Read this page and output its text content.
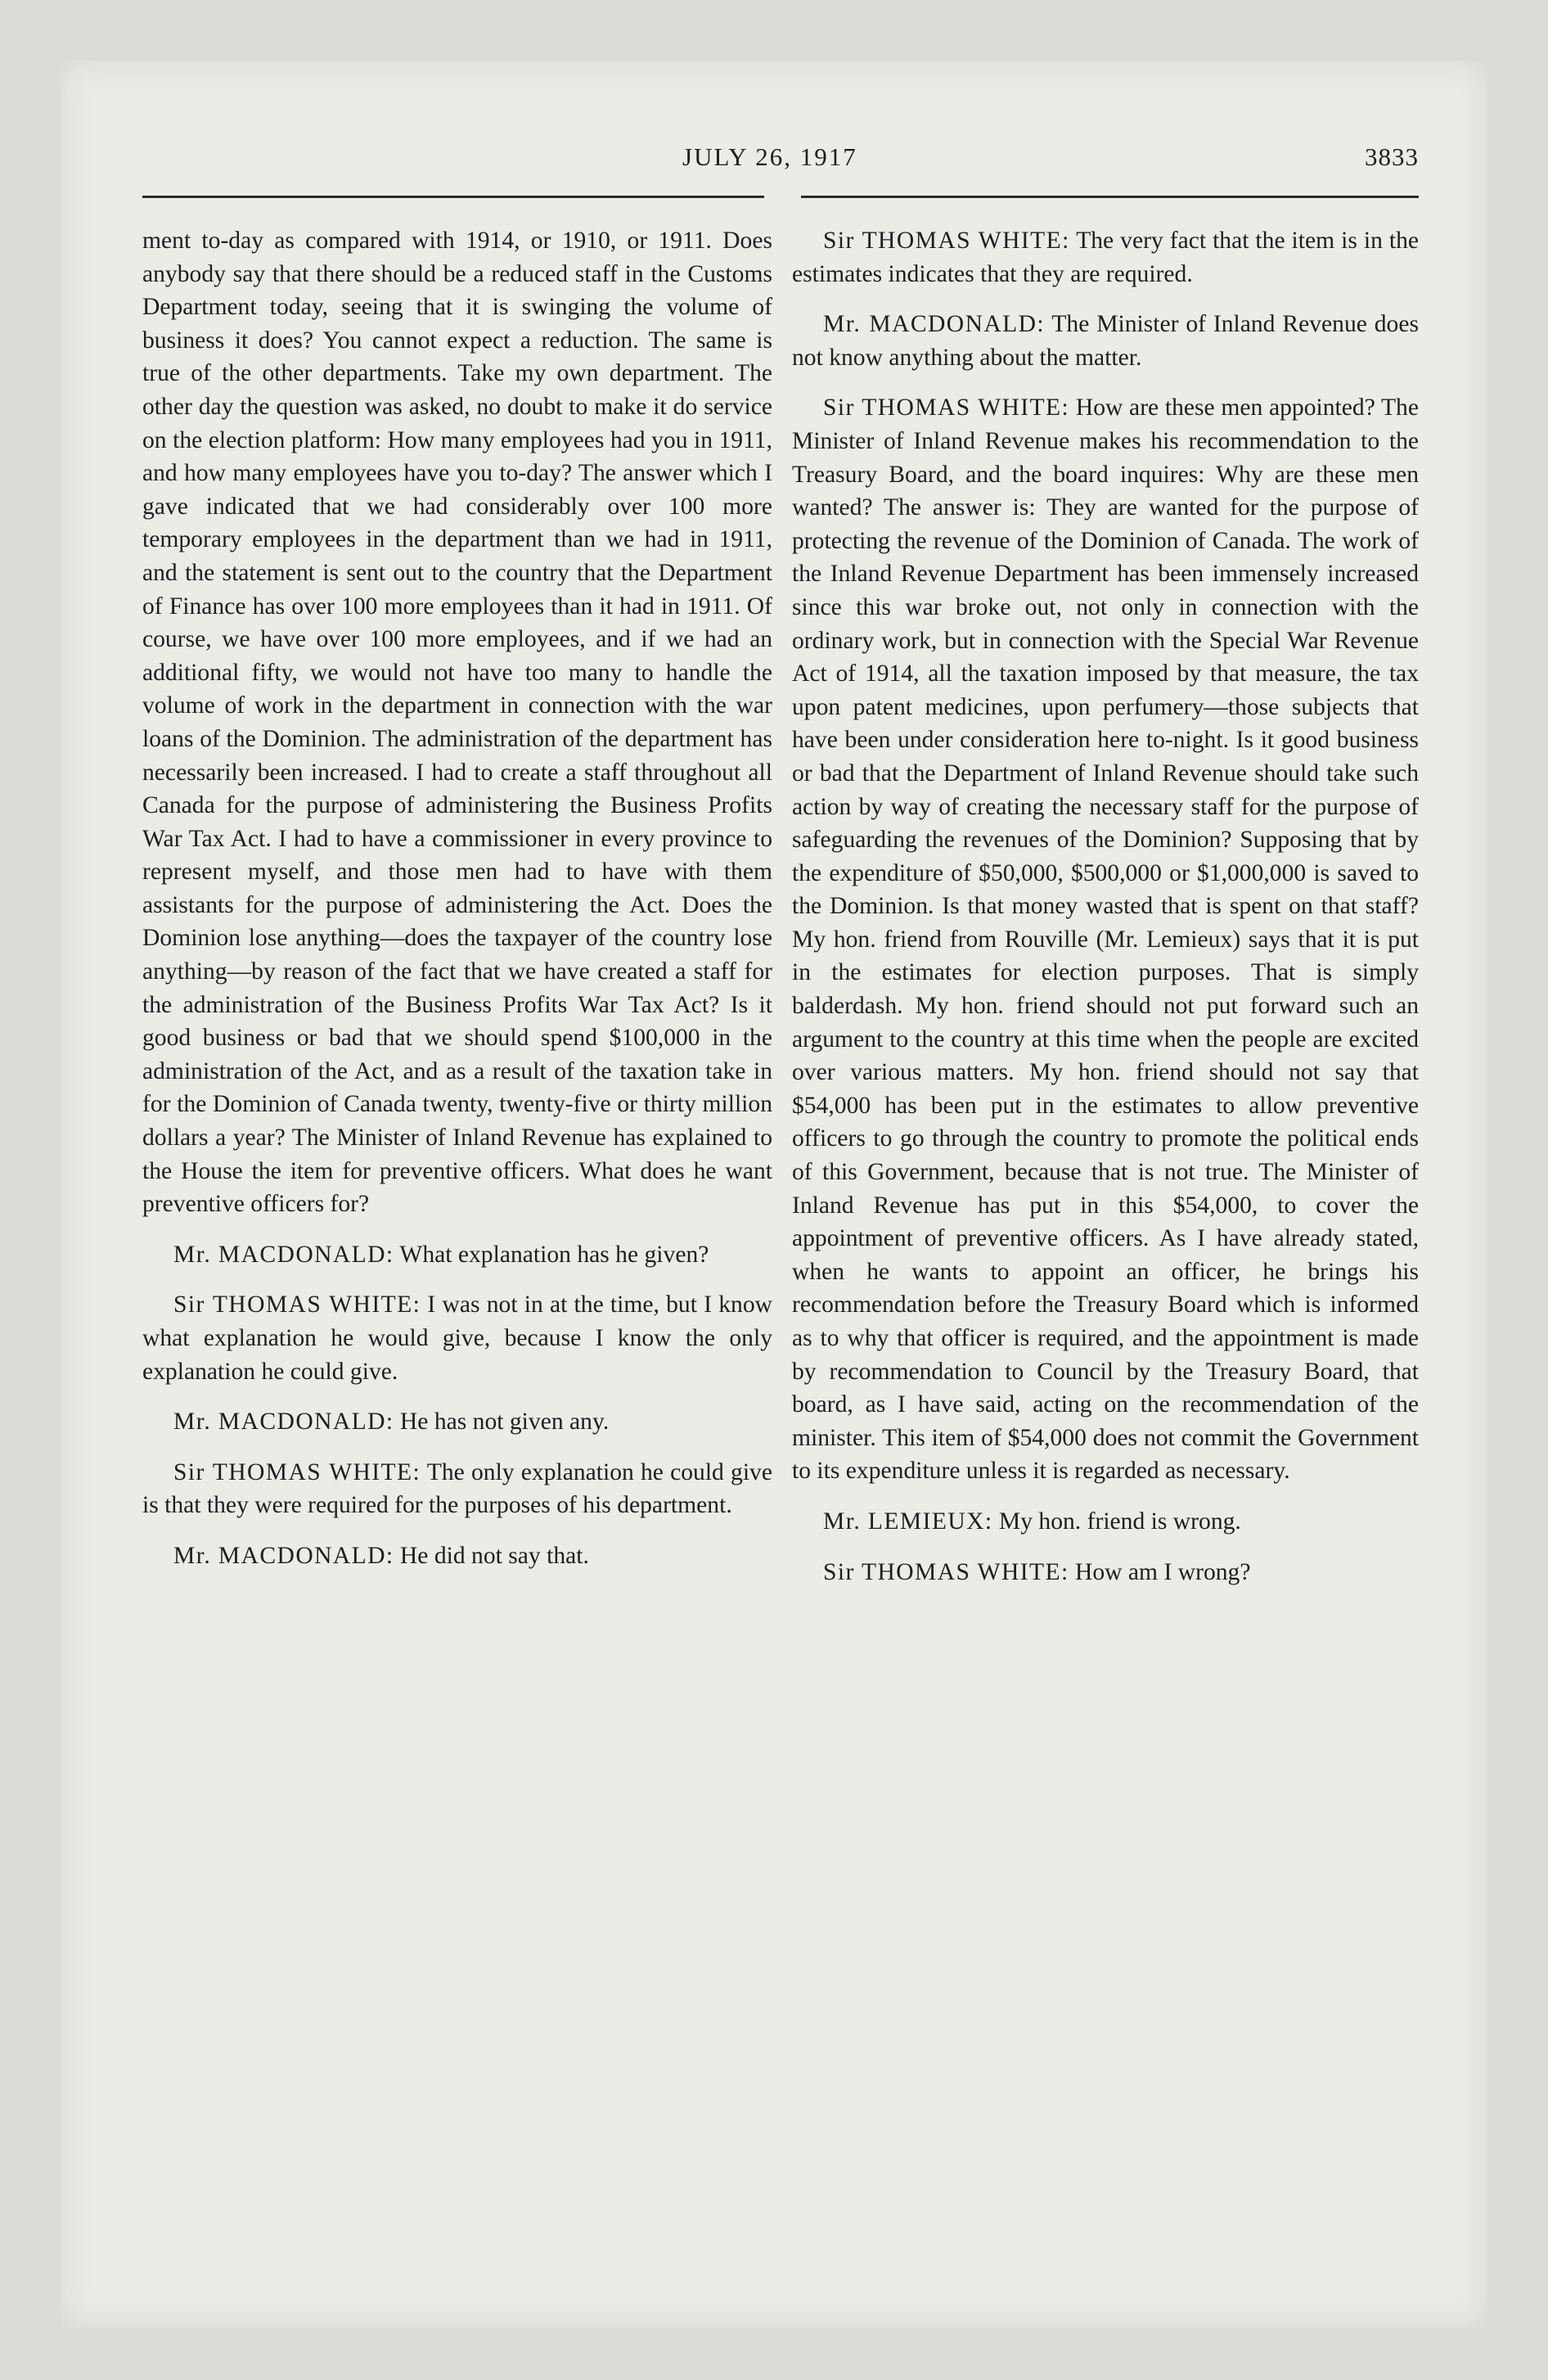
JULY 26, 1917	3833

ment to-day as compared with 1914, or 1910, or 1911. Does anybody say that there should be a reduced staff in the Customs Department today, seeing that it is swinging the volume of business it does? You cannot expect a reduction. The same is true of the other departments. Take my own department. The other day the question was asked, no doubt to make it do service on the election platform: How many employees had you in 1911, and how many employees have you to-day? The answer which I gave indicated that we had considerably over 100 more temporary employees in the department than we had in 1911, and the statement is sent out to the country that the Department of Finance has over 100 more employees than it had in 1911. Of course, we have over 100 more employees, and if we had an additional fifty, we would not have too many to handle the volume of work in the department in connection with the war loans of the Dominion. The administration of the department has necessarily been increased. I had to create a staff throughout all Canada for the purpose of administering the Business Profits War Tax Act. I had to have a commissioner in every province to represent myself, and those men had to have with them assistants for the purpose of administering the Act. Does the Dominion lose anything—does the taxpayer of the country lose anything—by reason of the fact that we have created a staff for the administration of the Business Profits War Tax Act? Is it good business or bad that we should spend $100,000 in the administration of the Act, and as a result of the taxation take in for the Dominion of Canada twenty, twenty-five or thirty million dollars a year? The Minister of Inland Revenue has explained to the House the item for preventive officers. What does he want preventive officers for?

Mr. MACDONALD: What explanation has he given?

Sir THOMAS WHITE: I was not in at the time, but I know what explanation he would give, because I know the only explanation he could give.

Mr. MACDONALD: He has not given any.

Sir THOMAS WHITE: The only explanation he could give is that they were required for the purposes of his department.

Mr. MACDONALD: He did not say that.

Sir THOMAS WHITE: The very fact that the item is in the estimates indicates that they are required.

Mr. MACDONALD: The Minister of Inland Revenue does not know anything about the matter.

Sir THOMAS WHITE: How are these men appointed? The Minister of Inland Revenue makes his recommendation to the Treasury Board, and the board inquires: Why are these men wanted? The answer is: They are wanted for the purpose of protecting the revenue of the Dominion of Canada. The work of the Inland Revenue Department has been immensely increased since this war broke out, not only in connection with the ordinary work, but in connection with the Special War Revenue Act of 1914, all the taxation imposed by that measure, the tax upon patent medicines, upon perfumery—those subjects that have been under consideration here to-night. Is it good business or bad that the Department of Inland Revenue should take such action by way of creating the necessary staff for the purpose of safeguarding the revenues of the Dominion? Supposing that by the expenditure of $50,000, $500,000 or $1,000,000 is saved to the Dominion. Is that money wasted that is spent on that staff? My hon. friend from Rouville (Mr. Lemieux) says that it is put in the estimates for election purposes. That is simply balderdash. My hon. friend should not put forward such an argument to the country at this time when the people are excited over various matters. My hon. friend should not say that $54,000 has been put in the estimates to allow preventive officers to go through the country to promote the political ends of this Government, because that is not true. The Minister of Inland Revenue has put in this $54,000, to cover the appointment of preventive officers. As I have already stated, when he wants to appoint an officer, he brings his recommendation before the Treasury Board which is informed as to why that officer is required, and the appointment is made by recommendation to Council by the Treasury Board, that board, as I have said, acting on the recommendation of the minister. This item of $54,000 does not commit the Government to its expenditure unless it is regarded as necessary.

Mr. LEMIEUX: My hon. friend is wrong.

Sir THOMAS WHITE: How am I wrong?
